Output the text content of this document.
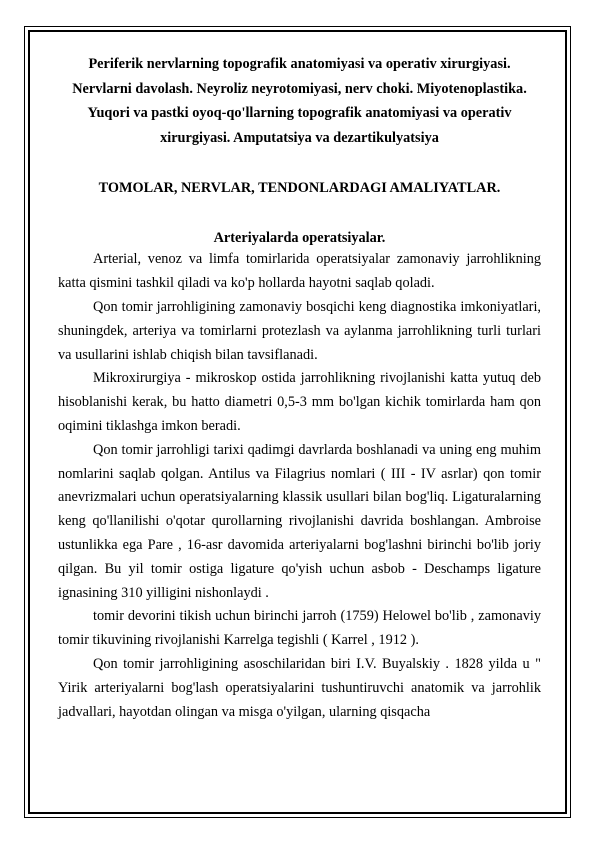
Periferik nervlarning topografik anatomiyasi va operativ xirurgiyasi. Nervlarni davolash. Neyroliz neyrotomiyasi, nerv choki. Miyotenoplastika. Yuqori va pastki oyoq-qo'llarning topografik anatomiyasi va operativ xirurgiyasi. Amputatsiya va dezartikulyatsiya

TOMOLAR, NERVLAR, TENDONLARDAGI AMALIYATLAR.

Arteriyalarda operatsiyalar.

Arterial, venoz va limfa tomirlarida operatsiyalar zamonaviy jarrohlikning katta qismini tashkil qiladi va ko'p hollarda hayotni saqlab qoladi.

Qon tomir jarrohligining zamonaviy bosqichi keng diagnostika imkoniyatlari, shuningdek, arteriya va tomirlarni protezlash va aylanma jarrohlikning turli turlari va usullarini ishlab chiqish bilan tavsiflanadi.

Mikroxirurgiya - mikroskop ostida jarrohlikning rivojlanishi katta yutuq deb hisoblanishi kerak, bu hatto diametri 0,5-3 mm bo'lgan kichik tomirlarda ham qon oqimini tiklashga imkon beradi.

Qon tomir jarrohligi tarixi qadimgi davrlarda boshlanadi va uning eng muhim nomlarini saqlab qolgan. Antilus va Filagrius nomlari ( III - IV asrlar) qon tomir anevrizmalari uchun operatsiyalarning klassik usullari bilan bog'liq. Ligaturalarning keng qo'llanilishi o'qotar qurollarning rivojlanishi davrida boshlangan. Ambroise ustunlikka ega Pare , 16-asr davomida arteriyalarni bog'lashni birinchi bo'lib joriy qilgan. Bu yil tomir ostiga ligature qo'yish uchun asbob - Deschamps ligature ignasining 310 yilligini nishonlaydi .

tomir devorini tikish uchun birinchi jarroh (1759) Helowel bo'lib , zamonaviy tomir tikuvining rivojlanishi Karrelga tegishli ( Karrel , 1912 ).

Qon tomir jarrohligining asoschilaridan biri I.V. Buyalskiy . 1828 yilda u " Yirik arteriyalarni bog'lash operatsiyalarini tushuntiruvchi anatomik va jarrohlik jadvallari, hayotdan olingan va misga o'yilgan, ularning qisqacha
